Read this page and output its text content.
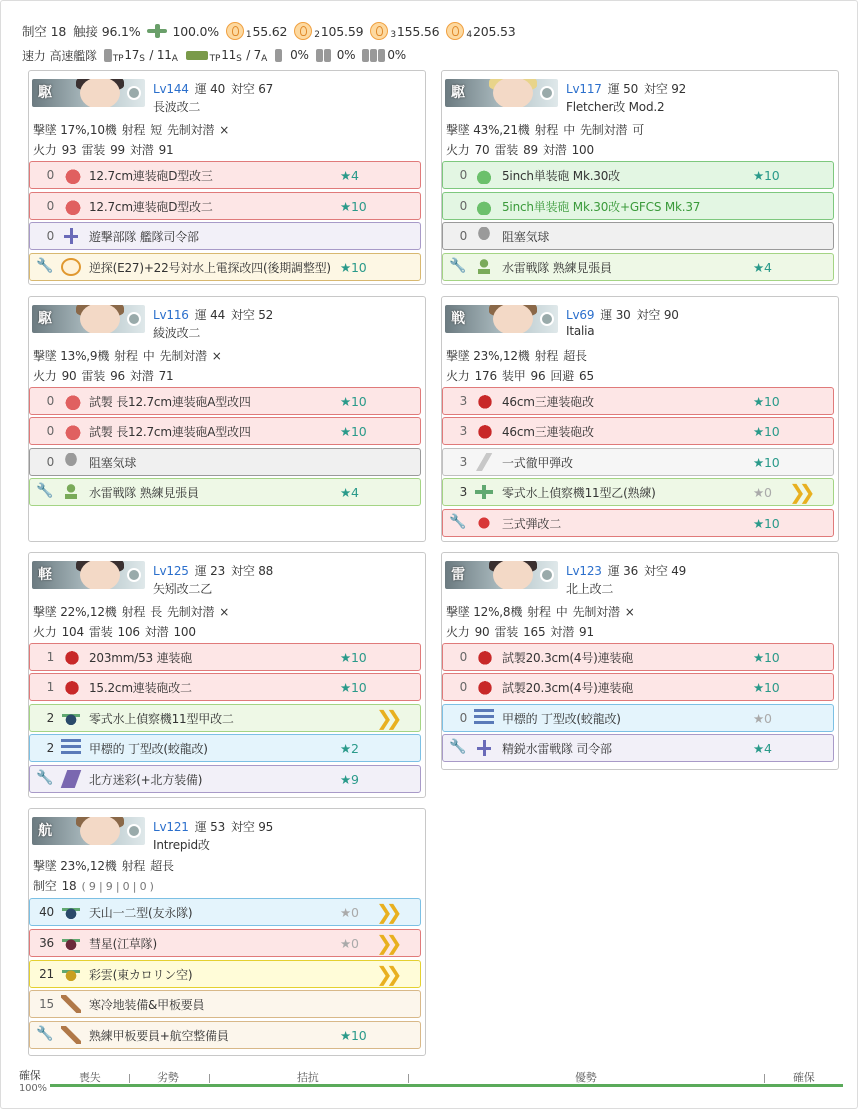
制空 18 触接 96.1%	100.0%	1 55.62	2 105.59	3 155.56	4 205.53
速力 高速艦隊 TP 17 S / 11 A	TP 11 S / 7 A 0% 0%	0%
駆	Lv144 運 40 対空 67
長波改二
撃墜 17%,10機 射程 短 先制対潜 ×
火力 93 雷装 99 対潜 91
0	12.7cm連装砲D型改三	★4
0	12.7cm連装砲D型改二	★10
0	遊撃部隊 艦隊司令部
🔧	逆探(E27)+22号対水上電探改四(後期調整型) ★10
駆	Lv117 運 50 対空 92
Fletcher改 Mod.2
撃墜 43%,21機 射程 中 先制対潜 可
火力 70 雷装 89 対潜 100
0	5inch単装砲 Mk.30改	★10
0	5inch単装砲 Mk.30改+GFCS Mk.37
0	阻塞気球
🔧	水雷戦隊 熟練見張員	★4
駆	Lv116 運 44 対空 52
綾波改二
撃墜 13%,9機 射程 中 先制対潜 ×
火力 90 雷装 96 対潜 71
0	試製 長12.7cm連装砲A型改四	★10
0	試製 長12.7cm連装砲A型改四	★10
0	阻塞気球
🔧	水雷戦隊 熟練見張員	★4
戦	Lv69 運 30 対空 90
Italia
撃墜 23%,12機 射程 超長
火力 176 装甲 96 回避 65
3	46cm三連装砲改	★10
3	46cm三連装砲改	★10
3	一式徹甲弾改	★10
3	零式水上偵察機11型乙(熟練)	★0 ❯❯
🔧	三式弾改二	★10
軽	Lv125 運 23 対空 88
矢矧改二乙
撃墜 22%,12機 射程 長 先制対潜 ×
火力 104 雷装 106 対潜 100
1	203mm/53 連装砲	★10
1	15.2cm連装砲改二	★10
2	零式水上偵察機11型甲改二	❯❯
2	甲標的 丁型改(蛟龍改)	★2
🔧	北方迷彩(+北方装備)	★9
雷	Lv123 運 36 対空 49
北上改二
撃墜 12%,8機 射程 中 先制対潜 ×
火力 90 雷装 165 対潜 91
0	試製20.3cm(4号)連装砲	★10
0	試製20.3cm(4号)連装砲	★10
0	甲標的 丁型改(蛟龍改)	★0
🔧	精鋭水雷戦隊 司令部	★4
航	Lv121 運 53 対空 95
Intrepid改
撃墜 23%,12機 射程 超長
制空 18 ( 9 | 9 | 0 | 0 )
40	天山一二型(友永隊)	★0 ❯❯
36	彗星(江草隊)	★0 ❯❯
21	彩雲(東カロリン空)	❯❯
15	寒冷地装備&甲板要員
🔧	熟練甲板要員+航空整備員	★10
確保
100%
喪失	劣勢	拮抗	優勢	確保
